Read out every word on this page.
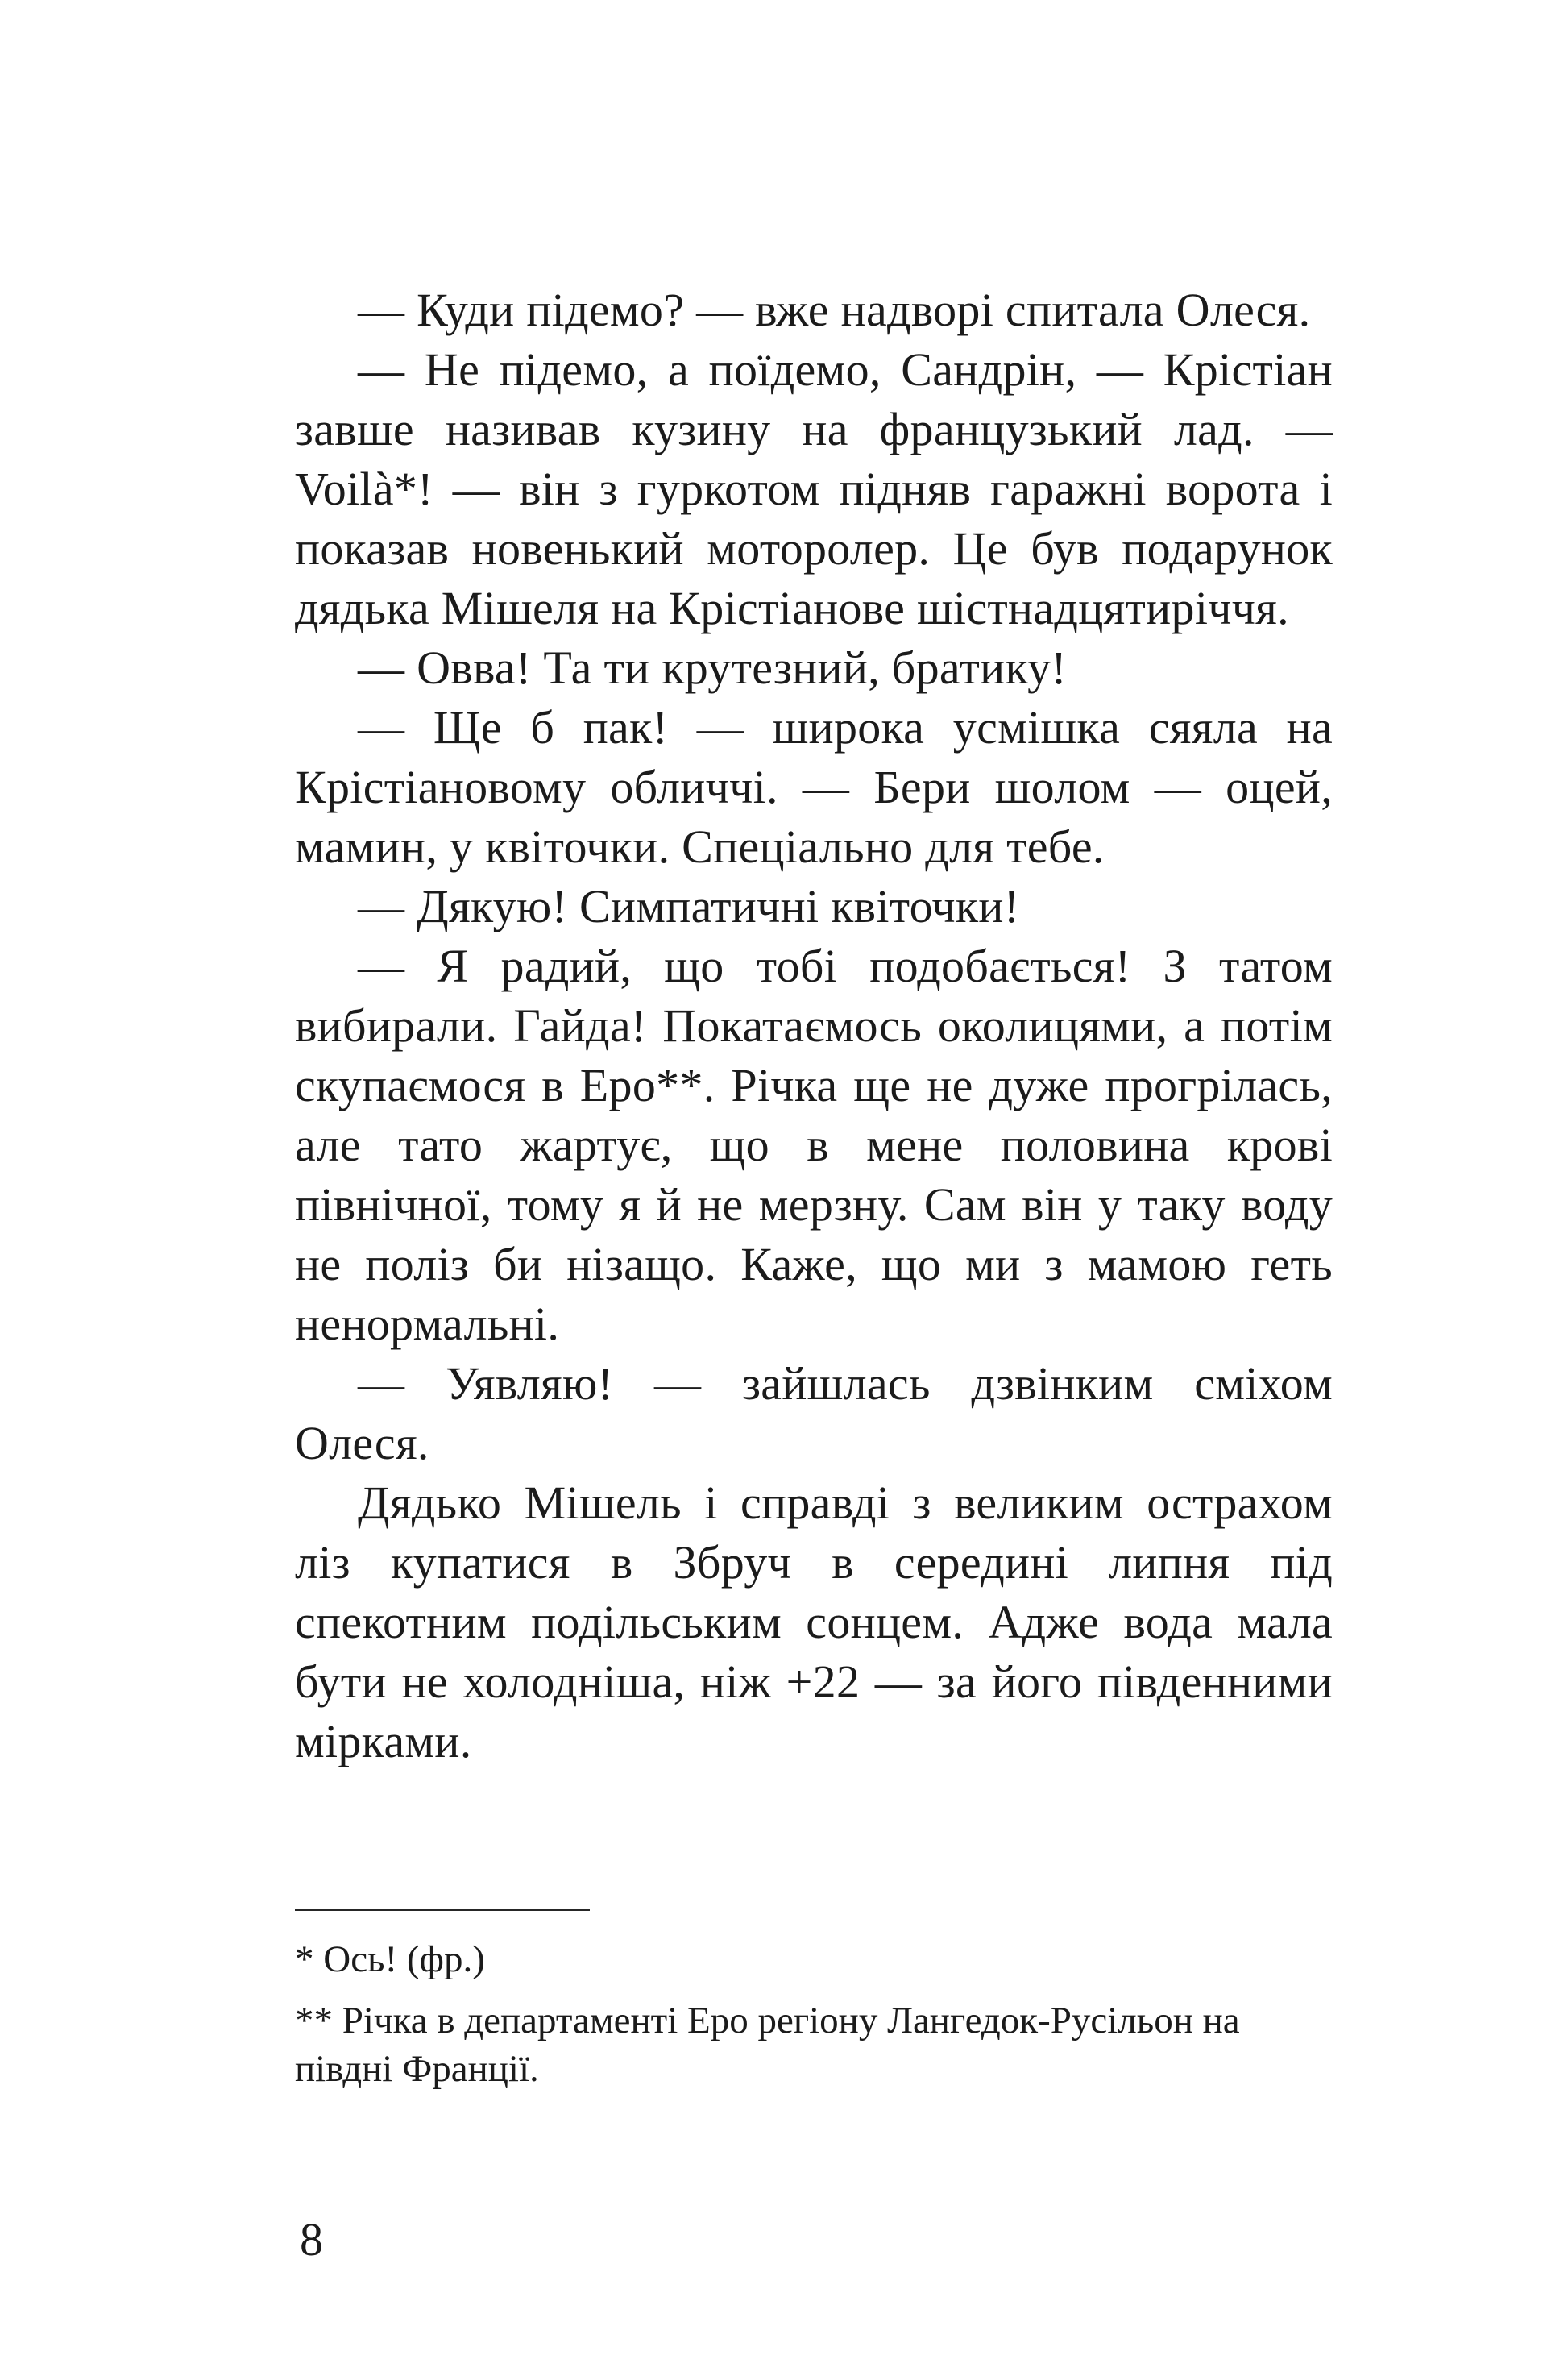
— Куди підемо? — вже надворі спитала Олеся.

— Не підемо, а поїдемо, Сандрін, — Крістіан завше називав кузину на французький лад. — Voilà*! — він з гуркотом підняв гаражні ворота і показав новенький моторолер. Це був подарунок дядька Мішеля на Крістіанове шістнадцятиріччя.

— Овва! Та ти крутезний, братику!

— Ще б пак! — широка усмішка сяяла на Крістіановому обличчі. — Бери шолом — оцей, мамин, у квіточки. Спеціально для тебе.

— Дякую! Симпатичні квіточки!

— Я радий, що тобі подобається! З татом вибирали. Гайда! Покатаємось околицями, а потім скупаємося в Еро**. Річка ще не дуже прогрілась, але тато жартує, що в мене половина крові північної, тому я й не мерзну. Сам він у таку воду не поліз би нізащо. Каже, що ми з мамою геть ненормальні.

— Уявляю! — зайшлась дзвінким сміхом Олеся.

Дядько Мішель і справді з великим острахом ліз купатися в Збруч в середині липня під спекотним подільським сонцем. Адже вода мала бути не холодніша, ніж +22 — за його південними мірками.

* Ось! (фр.)

** Річка в департаменті Еро регіону Лангедок-Русільон на півдні Франції.

8
